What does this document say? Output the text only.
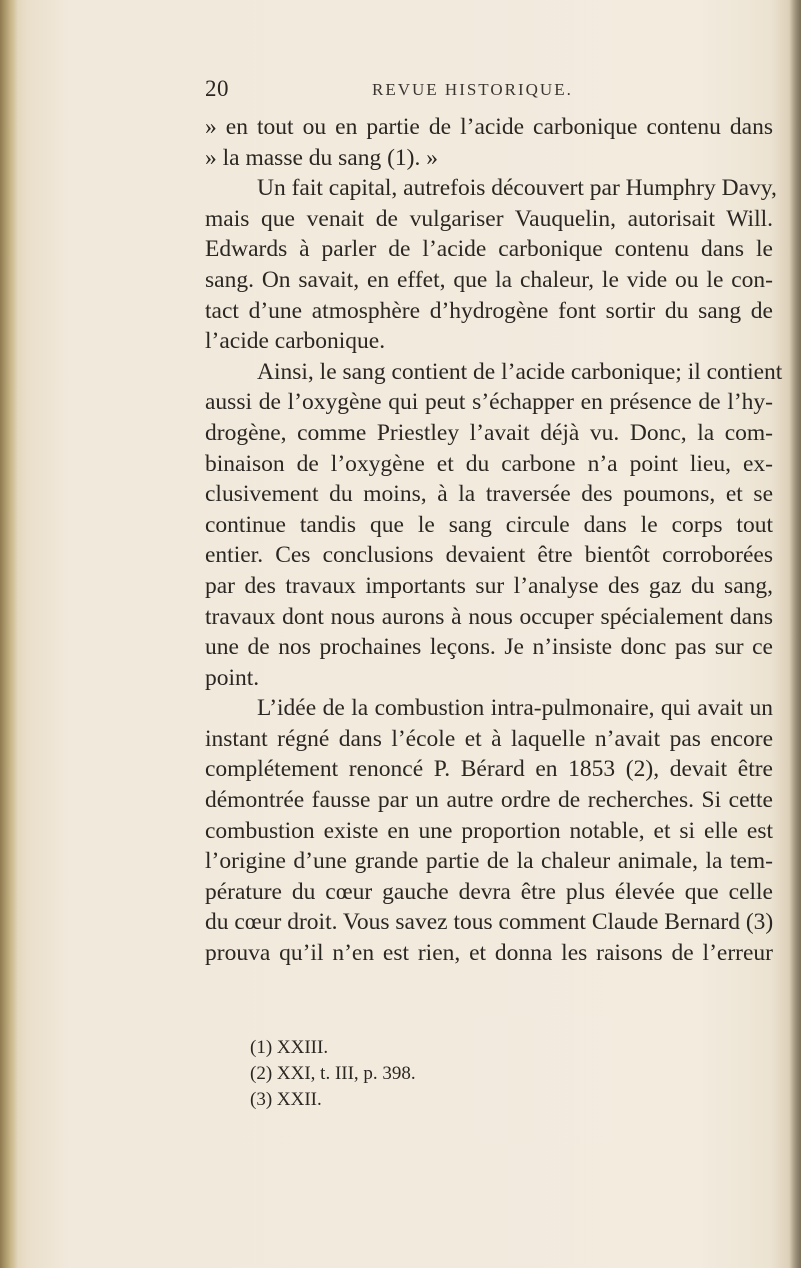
20	REVUE HISTORIQUE.
» en tout ou en partie de l’acide carbonique contenu dans
» la masse du sang (1). »
Un fait capital, autrefois découvert par Humphry Davy,
mais que venait de vulgariser Vauquelin, autorisait Will.
Edwards à parler de l’acide carbonique contenu dans le
sang. On savait, en effet, que la chaleur, le vide ou le con-
tact d’une atmosphère d’hydrogène font sortir du sang de
l’acide carbonique.
Ainsi, le sang contient de l’acide carbonique; il contient
aussi de l’oxygène qui peut s’échapper en présence de l’hy-
drogène, comme Priestley l’avait déjà vu. Donc, la com-
binaison de l’oxygène et du carbone n’a point lieu, ex-
clusivement du moins, à la traversée des poumons, et se
continue tandis que le sang circule dans le corps tout
entier. Ces conclusions devaient être bientôt corroborées
par des travaux importants sur l’analyse des gaz du sang,
travaux dont nous aurons à nous occuper spécialement dans
une de nos prochaines leçons. Je n’insiste donc pas sur ce
point.
L’idée de la combustion intra-pulmonaire, qui avait un
instant régné dans l’école et à laquelle n’avait pas encore
complétement renoncé P. Bérard en 1853 (2), devait être
démontrée fausse par un autre ordre de recherches. Si cette
combustion existe en une proportion notable, et si elle est
l’origine d’une grande partie de la chaleur animale, la tem-
pérature du cœur gauche devra être plus élevée que celle
du cœur droit. Vous savez tous comment Claude Bernard (3)
prouva qu’il n’en est rien, et donna les raisons de l’erreur
(1) XXIII.
(2) XXI, t. III, p. 398.
(3) XXII.
